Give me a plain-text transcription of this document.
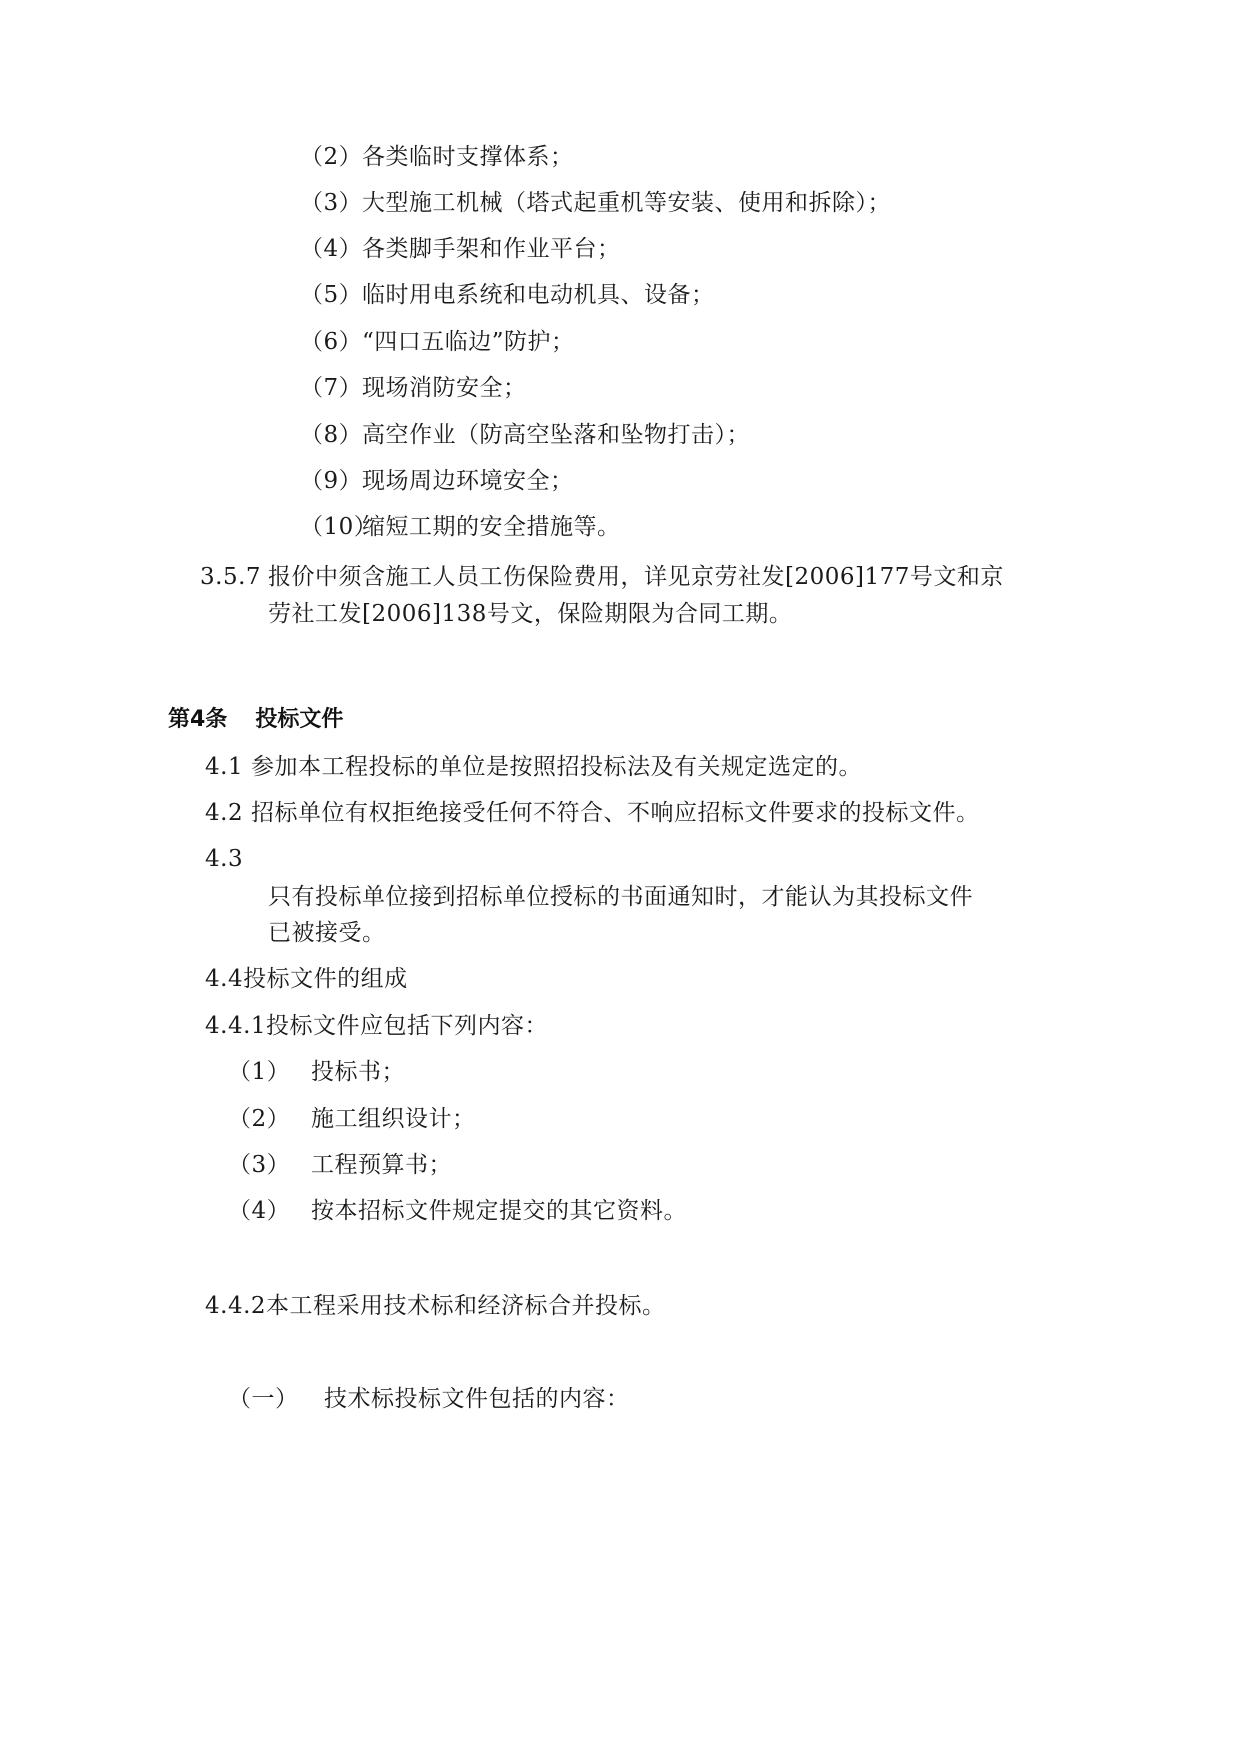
（2）各类临时支撑体系；
（3）大型施工机械（塔式起重机等安装、使用和拆除）；
（4）各类脚手架和作业平台；
（5）临时用电系统和电动机具、设备；
（6）“四口五临边”防护；
（7）现场消防安全；
（8）高空作业（防高空坠落和坠物打击）；
（9）现场周边环境安全；
（10）缩短工期的安全措施等。
3.5.7 报价中须含施工人员工伤保险费用，详见京劳社发[2006]177号文和京
劳社工发[2006]138号文，保险期限为合同工期。
第4条 投标文件
4.1 参加本工程投标的单位是按照招投标法及有关规定选定的。
4.2 招标单位有权拒绝接受任何不符合、不响应招标文件要求的投标文件。
4.3
只有投标单位接到招标单位授标的书面通知时，才能认为其投标文件
已被接受。
4.4投标文件的组成
4.4.1投标文件应包括下列内容：
（1） 投标书；
（2） 施工组织设计；
（3） 工程预算书；
（4） 按本招标文件规定提交的其它资料。
4.4.2本工程采用技术标和经济标合并投标。
（一） 技术标投标文件包括的内容：
